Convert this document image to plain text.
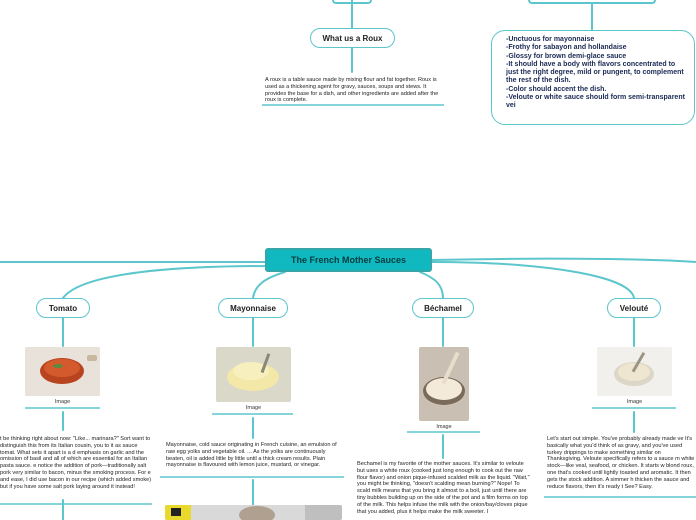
What us a Roux
A roux is a table sauce made by mixing flour and fat together. Roux is used as a thickening agent for gravy, sauces, soups and stews. It provides the base for a dish, and other ingredients are added after the roux is complete.
-Unctuous for mayonnaise
-Frothy for sabayon and hollandaise
-Glossy for brown demi-glace sauce
-It should have a body with flavors concentrated to just the right degree, mild or pungent, to complement the rest of the dish.
-Color should accent the dish.
-Veloute or white sauce should form semi-transparent vei
The French Mother Sauces
Tomato	Mayonnaise	Béchamel	Velouté
Image
Image
Image
Image
t be thinking right about now: "Like... marinara?" Sort want to distinguish this from its Italian cousin, you to it as sauce tomat. What sets it apart is a d emphasis on garlic and the omission of basil and all of which are essential for an Italian pasta sauce. e notice the addition of pork—traditionally salt pork very similar to bacon, minus the smoking process. For e and ease, I did use bacon in our recipe (which added smoke) but if you have some salt pork laying around it instead!
Mayonnaise, cold sauce originating in French cuisine, an emulsion of raw egg yolks and vegetable oil. ... As the yolks are continuously beaten, oil is added little by little until a thick cream results. Plain mayonnaise is flavoured with lemon juice, mustard, or vinegar.	Bechamel is my favorite of the mother sauces. It's similar to veloute but uses a white roux (cooked just long enough to cook out the raw flour flavor) and onion pique-infused scalded milk as the liquid. "Wait," you might be thinking, "doesn't scalding mean burning?" Nope! To scald milk means that you bring it almost to a boil, just until there are tiny bubbles building up on the side of the pot and a film forms on top of the milk. This helps infuse the milk with the onion/bay/cloves pique that you added, plus it helps make the milk sweeter. I
Let's start out simple. You've probably already made ve It's basically what you'd think of as gravy, and you've used turkey drippings to make something similar on Thanksgiving. Veloute specifically refers to a sauce m white stock—like veal, seafood, or chicken. It starts w blond roux, one that's cooked until lightly toasted and aromatic. It then gets the stock addition. A simmer h thicken the sauce and reduce flavors, then it's ready t See? Easy.
